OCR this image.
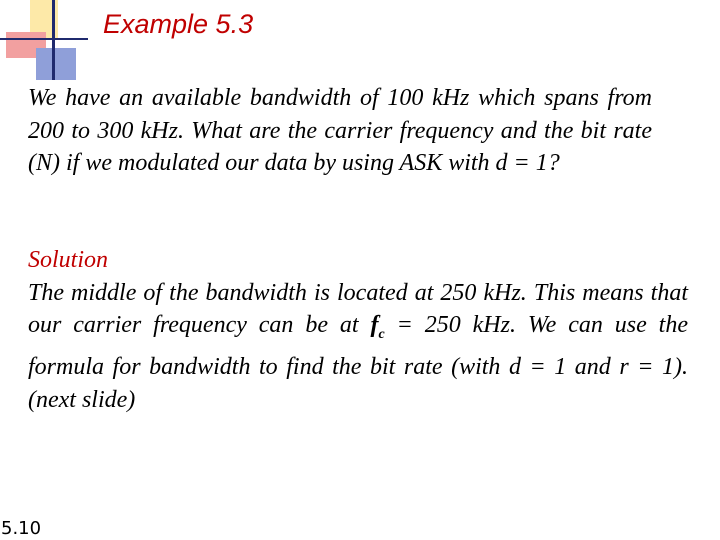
Example 5.3

We have an available bandwidth of 100 kHz which spans from 200 to 300 kHz. What are the carrier frequency and the bit rate (N) if we modulated our data by using ASK with d = 1?

Solution

The middle of the bandwidth is located at 250 kHz. This means that our carrier frequency can be at $f_c = 250$ kHz. We can use the formula for bandwidth to find the bit rate (with d = 1 and r = 1). (next slide)

5.10
